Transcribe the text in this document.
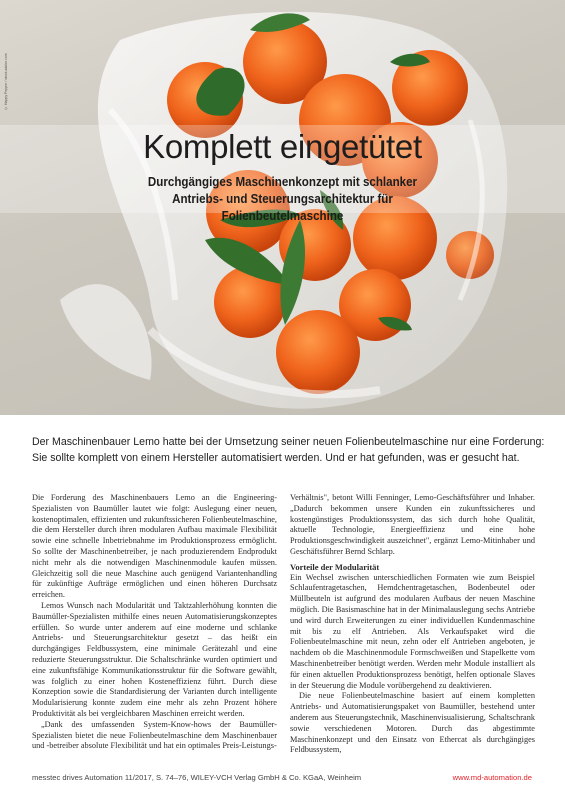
© Happy Pepper / stock.adobe.com
Komplett eingetütet

Durchgängiges Maschinenkonzept mit schlanker Antriebs- und Steuerungsarchitektur für Folienbeutelmaschine

Der Maschinenbauer Lemo hatte bei der Umsetzung seiner neuen Folienbeutelmaschine nur eine Forderung:
Sie sollte komplett von einem Hersteller automatisiert werden. Und er hat gefunden, was er gesucht hat.

Die Forderung des Maschinenbauers Lemo an die Engineering-Spezialisten von Baumüller lautet wie folgt: Auslegung einer neuen, kostenoptimalen, effizienten und zukunftssicheren Folienbeutelmaschine, die dem Hersteller durch ihren modularen Aufbau maximale Flexibilität sowie eine schnelle Inbetriebnahme im Produktionsprozess ermöglicht. So sollte der Maschinenbetreiber, je nach produzierendem Endprodukt nicht mehr als die notwendigen Maschinenmodule kaufen müssen. Gleichzeitig soll die neue Maschine auch genügend Variantenhandling für zukünftige Aufträge ermöglichen und einen höheren Durchsatz erreichen.

Lemos Wunsch nach Modularität und Taktzahlerhöhung konnten die Baumüller-Spezialisten mithilfe eines neuen Automatisierungskonzeptes erfüllen. So wurde unter anderem auf eine moderne und schlanke Antriebs- und Steuerungsarchitektur gesetzt – das heißt ein durchgängiges Feldbussystem, eine minimale Gerätezahl und eine reduzierte Steuerungsstruktur. Die Schaltschränke wurden optimiert und eine zukunftsfähige Kommunikationsstruktur für die Software gewählt, was folglich zu einer hohen Kosteneffizienz führt. Durch diese Konzeption sowie die Standardisierung der Varianten durch intelligente Modularisierung konnte zudem eine mehr als zehn Prozent höhere Produktivität als bei vergleichbaren Maschinen erreicht werden.

„Dank des umfassenden System-Know-hows der Baumüller-Spezialisten bietet die neue Folienbeutelmaschine dem Maschinenbauer und -betreiber absolute Flexibilität und hat ein optimales Preis-Leistungs-

Verhältnis", betont Willi Fenninger, Lemo-Geschäftsführer und Inhaber. „Dadurch bekommen unsere Kunden ein zukunftssicheres und kostengünstiges Produktionssystem, das sich durch hohe Qualität, aktuelle Technologie, Energieeffizienz und eine hohe Produktionsgeschwindigkeit auszeichnet", ergänzt Lemo-Mitinhaber und Geschäftsführer Bernd Schlarp.

Vorteile der Modularität

Ein Wechsel zwischen unterschiedlichen Formaten wie zum Beispiel Schlaufentragetaschen, Hemdchentragetaschen, Bodenbeutel oder Müllbeuteln ist aufgrund des modularen Aufbaus der neuen Maschine möglich. Die Basismaschine hat in der Minimalauslegung sechs Antriebe und wird durch Erweiterungen zu einer individuellen Kundenmaschine mit bis zu elf Antrieben. Als Verkaufspaket wird die Folienbeutelmaschine mit neun, zehn oder elf Antrieben angeboten, je nachdem ob die Maschinenmodule Formschweißen und Stapelkette vom Maschinenbetreiber benötigt werden. Werden mehr Module installiert als für einen aktuellen Produktionsprozess benötigt, helfen optionale Slaves in der Steuerung die Module vorübergehend zu deaktivieren.

Die neue Folienbeutelmaschine basiert auf einem kompletten Antriebs- und Automatisierungspaket von Baumüller, bestehend unter anderem aus Steuerungstechnik, Maschinenvisualisierung, Schaltschrank sowie verschiedenen Motoren. Durch das abgestimmte Maschinenkonzept und den Einsatz von Ethercat als durchgängiges Feldbussystem,

messtec drives Automation 11/2017, S. 74–76, WILEY-VCH Verlag GmbH & Co. KGaA, Weinheim	www.md-automation.de
